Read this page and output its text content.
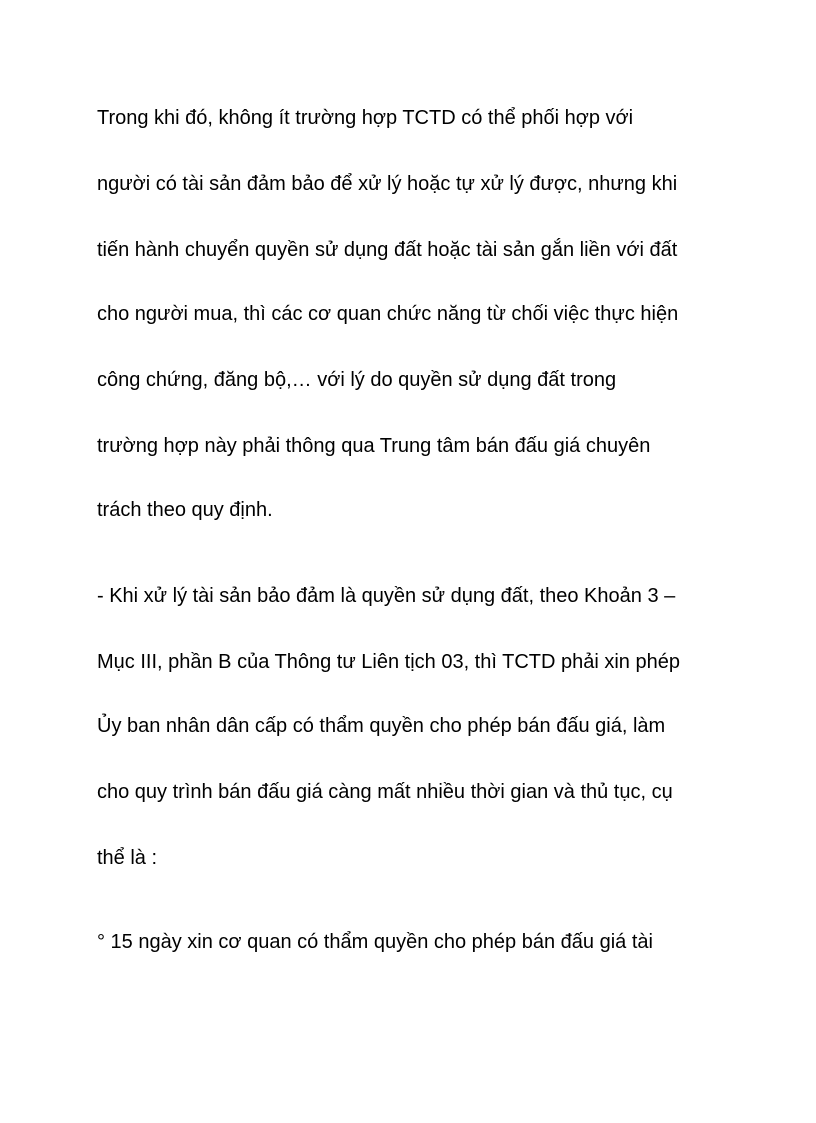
Trong khi đó, không ít trường hợp TCTD có thể phối hợp với

người có tài sản đảm bảo để xử lý hoặc tự xử lý được, nhưng khi

tiến hành chuyển quyền sử dụng đất hoặc tài sản gắn liền với đất

cho người mua, thì các cơ quan chức năng từ chối việc thực hiện

công chứng, đăng bộ,… với lý do quyền sử dụng đất trong

trường hợp này phải thông qua Trung tâm bán đấu giá chuyên

trách theo quy định.

- Khi xử lý tài sản bảo đảm là quyền sử dụng đất, theo Khoản 3 –

Mục III, phần B của Thông tư Liên tịch 03, thì TCTD phải xin phép

Ủy ban nhân dân cấp có thẩm quyền cho phép bán đấu giá, làm

cho quy trình bán đấu giá càng mất nhiều thời gian và thủ tục, cụ

thể là :

° 15 ngày xin cơ quan có thẩm quyền cho phép bán đấu giá tài
